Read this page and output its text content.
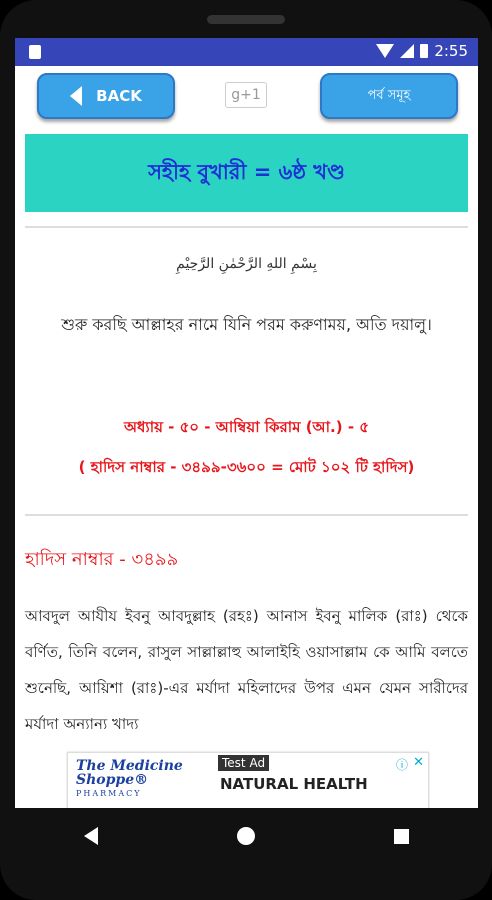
2:55
BACK	g+1	পর্ব সমূহ
সহীহ বুখারী = ৬ষ্ঠ খণ্ড
بِسْمِ اللهِ الرَّحْمٰنِ الرَّحِيْمِ
শুরু করছি আল্লাহর নামে যিনি পরম করুণাময়, অতি দয়ালু।
অধ্যায় - ৫০ - আম্বিয়া কিরাম (আ.) - ৫
( হাদিস নাম্বার - ৩৪৯৯-৩৬০০ = মোট ১০২ টি হাদিস)
হাদিস নাম্বার - ৩৪৯৯
আবদুল আযীয ইবনু আবদুল্লাহ (রহঃ) আনাস ইবনু মালিক (রাঃ) থেকে বর্ণিত, তিনি বলেন, রাসুল সাল্লাল্লাহু আলাইহি ওয়াসাল্লাম কে আমি বলতে শুনেছি, আয়িশা (রাঃ)-এর মর্যাদা মহিলাদের উপর এমন যেমন সারীদের মর্যাদা অন্যান্য খাদ্য
The Medicine
Shoppe®
PHARMACY
Test Ad
NATURAL HEALTH
ⓘ ✕
